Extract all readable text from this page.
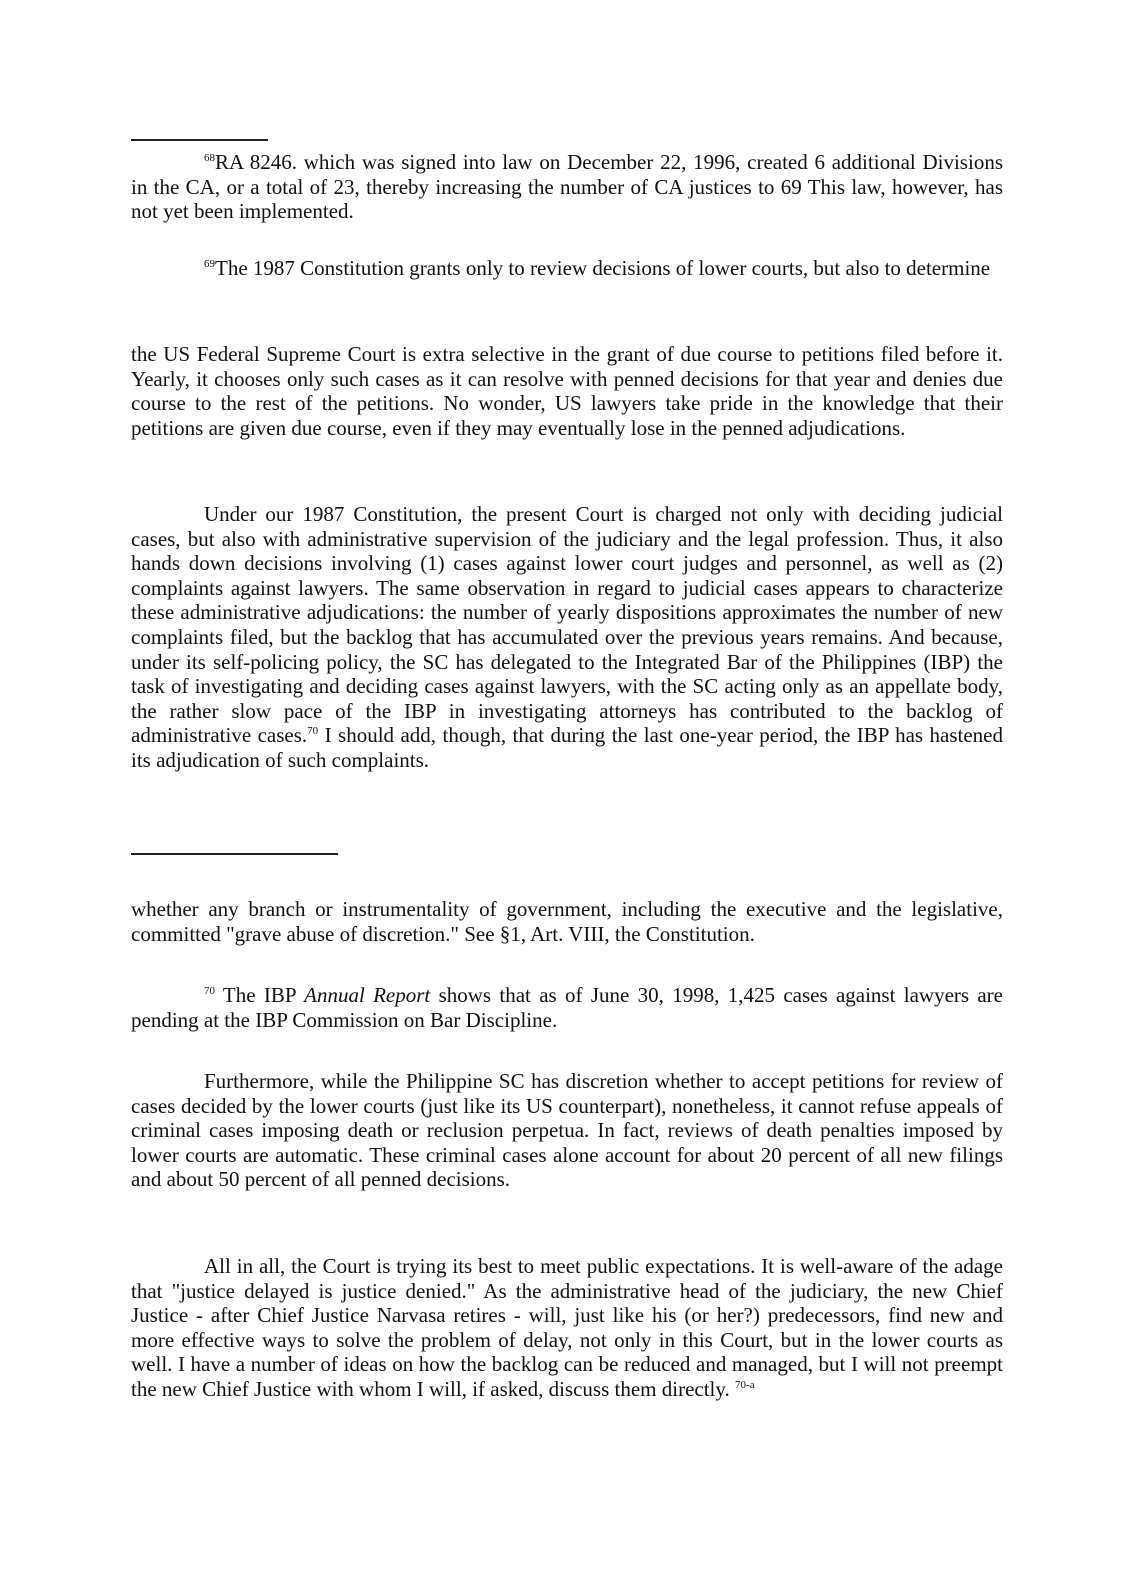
$^{68}$RA 8246. which was signed into law on December 22, 1996, created 6 additional Divisions in the CA, or a total of 23, thereby increasing the number of CA justices to 69 This law, however, has not yet been implemented.

$^{69}$The 1987 Constitution grants only to review decisions of lower courts, but also to determine

the US Federal Supreme Court is extra selective in the grant of due course to petitions filed before it. Yearly, it chooses only such cases as it can resolve with penned decisions for that year and denies due course to the rest of the petitions. No wonder, US lawyers take pride in the knowledge that their petitions are given due course, even if they may eventually lose in the penned adjudications.

Under our 1987 Constitution, the present Court is charged not only with deciding judicial cases, but also with administrative supervision of the judiciary and the legal profession. Thus, it also hands down decisions involving (1) cases against lower court judges and personnel, as well as (2) complaints against lawyers. The same observation in regard to judicial cases appears to characterize these administrative adjudications: the number of yearly dispositions approximates the number of new complaints filed, but the backlog that has accumulated over the previous years remains. And because, under its self-policing policy, the SC has delegated to the Integrated Bar of the Philippines (IBP) the task of investigating and deciding cases against lawyers, with the SC acting only as an appellate body, the rather slow pace of the IBP in investigating attorneys has contributed to the backlog of administrative cases.$^{70}$ I should add, though, that during the last one-year period, the IBP has hastened its adjudication of such complaints.

whether any branch or instrumentality of government, including the executive and the legislative, committed "grave abuse of discretion." See §1, Art. VIII, the Constitution.

$^{70}$ The IBP Annual Report shows that as of June 30, 1998, 1,425 cases against lawyers are pending at the IBP Commission on Bar Discipline.

Furthermore, while the Philippine SC has discretion whether to accept petitions for review of cases decided by the lower courts (just like its US counterpart), nonetheless, it cannot refuse appeals of criminal cases imposing death or reclusion perpetua. In fact, reviews of death penalties imposed by lower courts are automatic. These criminal cases alone account for about 20 percent of all new filings and about 50 percent of all penned decisions.

All in all, the Court is trying its best to meet public expectations. It is well-aware of the adage that "justice delayed is justice denied." As the administrative head of the judiciary, the new Chief Justice - after Chief Justice Narvasa retires - will, just like his (or her?) predecessors, find new and more effective ways to solve the problem of delay, not only in this Court, but in the lower courts as well. I have a number of ideas on how the backlog can be reduced and managed, but I will not preempt the new Chief Justice with whom I will, if asked, discuss them directly. $^{70-a}$
